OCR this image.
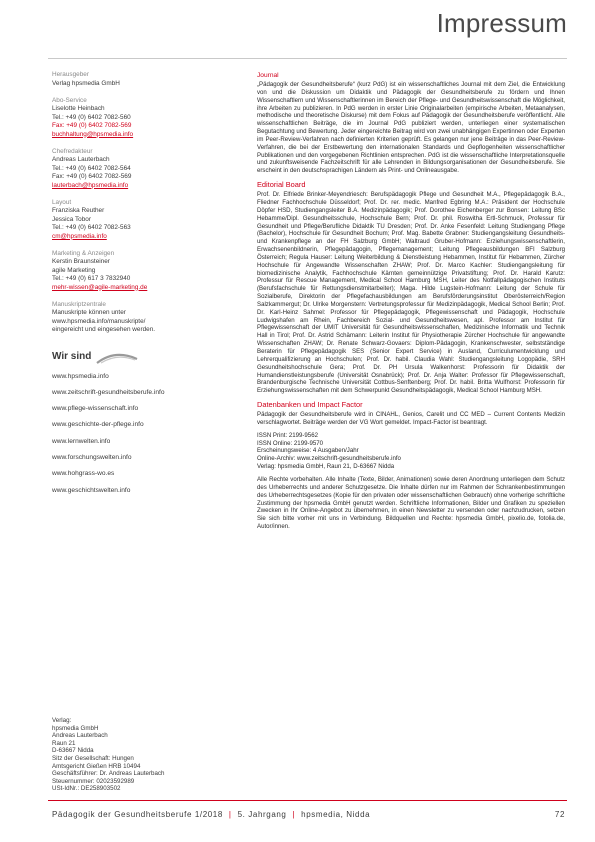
Impressum
Herausgeber
Verlag hpsmedia GmbH
Abo-Service
Liselotte Heinbach
Tel.: +49 (0) 6402 7082-560
Fax: +49 (0) 6402 7082-569
buchhaltung@hpsmedia.info
Chefredakteur
Andreas Lauterbach
Tel.: +49 (0) 6402 7082-564
Fax: +49 (0) 6402 7082-569
lauterbach@hpsmedia.info
Layout
Franziska Reuther
Jessica Tobor
Tel.: +49 (0) 6402 7082-563
cm@hpsmedia.info
Marketing & Anzeigen
Kerstin Braunsteiner
agile Marketing
Tel.: +49 (0) 617 3 7832940
mehr-wissen@agile-marketing.de
Manuskriptzentrale
Manuskripte können unter
www.hpsmedia.info/manuskripte/
eingereicht und eingesehen werden.
Wir sind
www.hpsmedia.info
www.zeitschrift-gesundheitsberufe.info
www.pflege-wissenschaft.info
www.geschichte-der-pflege.info
www.lernwelten.info
www.forschungswelten.info
www.hohgrass-wo.es
www.geschichtswelten.info
Verlag:
hpsmedia GmbH
Andreas Lauterbach
Raun 21
D-63667 Nidda
Sitz der Gesellschaft: Hungen
Amtsgericht Gießen HRB 10494
Geschäftsführer: Dr. Andreas Lauterbach
Steuernummer: 02023592989
USt-IdNr.: DE258903502
Journal
„Pädagogik der Gesundheitsberufe“ (kurz PdG) ist ein wissenschaftliches Journal mit dem Ziel, die Entwicklung von und die Diskussion um Didaktik und Pädagogik der Gesundheitsberufe zu fördern und Ihnen Wissenschaftlern und Wissenschaftlerinnen im Bereich der Pflege- und Gesundheitswissenschaft die Möglichkeit, ihre Arbeiten zu publizieren. In PdG werden in erster Linie Originalarbeiten (empirische Arbeiten, Metaanalysen, methodische und theoretische Diskurse) mit dem Fokus auf Pädagogik der Gesundheitsberufe veröffentlicht. Alle wissenschaftlichen Beiträge, die im Journal PdG publiziert werden, unterliegen einer systematischen Begutachtung und Bewertung. Jeder eingereichte Beitrag wird von zwei unabhängigen Expertinnen oder Experten im Peer-Review-Verfahren nach definierten Kriterien geprüft. Es gelangen nur jene Beiträge in das Peer-Review-Verfahren, die bei der Erstbewertung den internationalen Standards und Gepflogenheiten wissenschaftlicher Publikationen und den vorgegebenen Richtlinien entsprechen. PdG ist die wissenschaftliche Interpretationsquelle und zukunftsweisende Fachzeitschrift für alle Lehrenden in Bildungsorganisationen der Gesundheitsberufe. Sie erscheint in den deutschsprachigen Ländern als Print- und Onlineausgabe.
Editorial Board
Prof. Dr. Elfriede Brinker-Meyendriesch: Berufspädagogik Pflege und Gesundheit M.A., Pflegepädagogik B.A., Fliedner Fachhochschule Düsseldorf; Prof. Dr. rer. medic. Manfred Egbring M.A.: Präsident der Hochschule Döpfer HSD, Studiengangsleiter B.A. Medizinpädagogik; Prof. Dorothee Eichenberger zur Bonsen: Leitung BSc Hebamme/Dipl. Gesundheitsschule, Hochschule Bern; Prof. Dr. phil. Roswitha Ertl-Schmuck, Professur für Gesundheit und Pflege/Berufliche Didaktik TU Dresden; Prof. Dr. Anke Fesenfeld: Leitung Studiengang Pflege (Bachelor), Hochschule für Gesundheit Bochum; Prof. Mag. Babette Grabner: Studiengangsleitung Gesundheits- und Krankenpflege an der FH Salzburg GmbH; Waltraud Gruber-Hofmann: Erziehungswissenschaftlerin, Erwachsenenbildnerin, Pflegepädagogin, Pflegemanagement; Leitung Pflegeausbildungen BFI Salzburg Österreich; Regula Hauser: Leitung Weiterbildung & Dienstleistung Hebammen, Institut für Hebammen, Zürcher Hochschule für Angewandte Wissenschaften ZHAW; Prof. Dr. Marco Kachler: Studiengangsleitung für biomedizinische Analytik, Fachhochschule Kärnten gemeinnützige Privatstiftung; Prof. Dr. Harald Karutz: Professur für Rescue Management, Medical School Hamburg MSH, Leiter des Notfallpädagogischen Instituts (Berufsfachschule für Rettungsdienstmitarbeiter); Maga. Hilde Lugstein-Hofmann: Leitung der Schule für Sozialberufe, Direktorin der Pflegefachausbildungen am Berufsförderungsinstitut Oberösterreich/Region Salzkammergut; Dr. Ulrike Morgenstern: Vertretungsprofessur für Medizinpädagogik, Medical School Berlin; Prof. Dr. Karl-Heinz Sahmel: Professor für Pflegepädagogik, Pflegewissenschaft und Pädagogik, Hochschule Ludwigshafen am Rhein, Fachbereich Sozial- und Gesundheitswesen, apl. Professor am Institut für Pflegewissenschaft der UMIT Universität für Gesundheitswissenschaften, Medizinische Informatik und Technik Hall in Tirol; Prof. Dr. Astrid Schämann: Leiterin Institut für Physiotherapie Zürcher Hochschule für angewandte Wissenschaften ZHAW; Dr. Renate Schwarz-Govaers: Diplom-Pädagogin, Krankenschwester, selbstständige Beraterin für Pflegepädagogik SES (Senior Expert Service) in Ausland, Curriculumentwicklung und Lehrerqualifizierung an Hochschulen; Prof. Dr. habil. Claudia Wahl: Studiengangsleitung Logopädie, SRH Gesundheitshochschule Gera; Prof. Dr. PH Ursula Walkenhorst: Professorin für Didaktik der Humandienstleistungsberufe (Universität Osnabrück); Prof. Dr. Anja Walter: Professor für Pflegewissenschaft, Brandenburgische Technische Universität Cottbus-Senftenberg; Prof. Dr. habil. Britta Wulfhorst: Professorin für Erziehungswissenschaften mit dem Schwerpunkt Gesundheitspädagogik, Medical School Hamburg MSH.
Datenbanken und Impact Factor
Pädagogik der Gesundheitsberufe wird in CINAHL, Genios, Carelit und CC MED – Current Contents Medizin verschlagwortet. Beiträge werden der VG Wort gemeldet. Impact-Factor ist beantragt.
ISSN Print: 2199-9562
ISSN Online: 2199-9570
Erscheinungsweise: 4 Ausgaben/Jahr
Online-Archiv: www.zeitschrift-gesundheitsberufe.info
Verlag: hpsmedia GmbH, Raun 21, D-63667 Nidda
Alle Rechte vorbehalten. Alle Inhalte (Texte, Bilder, Animationen) sowie deren Anordnung unterliegen dem Schutz des Urheberrechts und anderer Schutzgesetze. Die Inhalte dürfen nur im Rahmen der Schrankenbestimmungen des Urheberrechtsgesetzes (Kopie für den privaten oder wissenschaftlichen Gebrauch) ohne vorherige schriftliche Zustimmung der hpsmedia GmbH genutzt werden. Schriftliche Informationen, Bilder und Grafiken zu speziellen Zwecken in Ihr Online-Angebot zu übernehmen, in einen Newsletter zu versenden oder nachzudrucken, setzen Sie sich bitte vorher mit uns in Verbindung. Bildquellen und Rechte: hpsmedia GmbH, pixelio.de, fotolia.de, Autor/innen.
Pädagogik der Gesundheitsberufe 1/2018 | 5. Jahrgang | hpsmedia, Nidda	72
